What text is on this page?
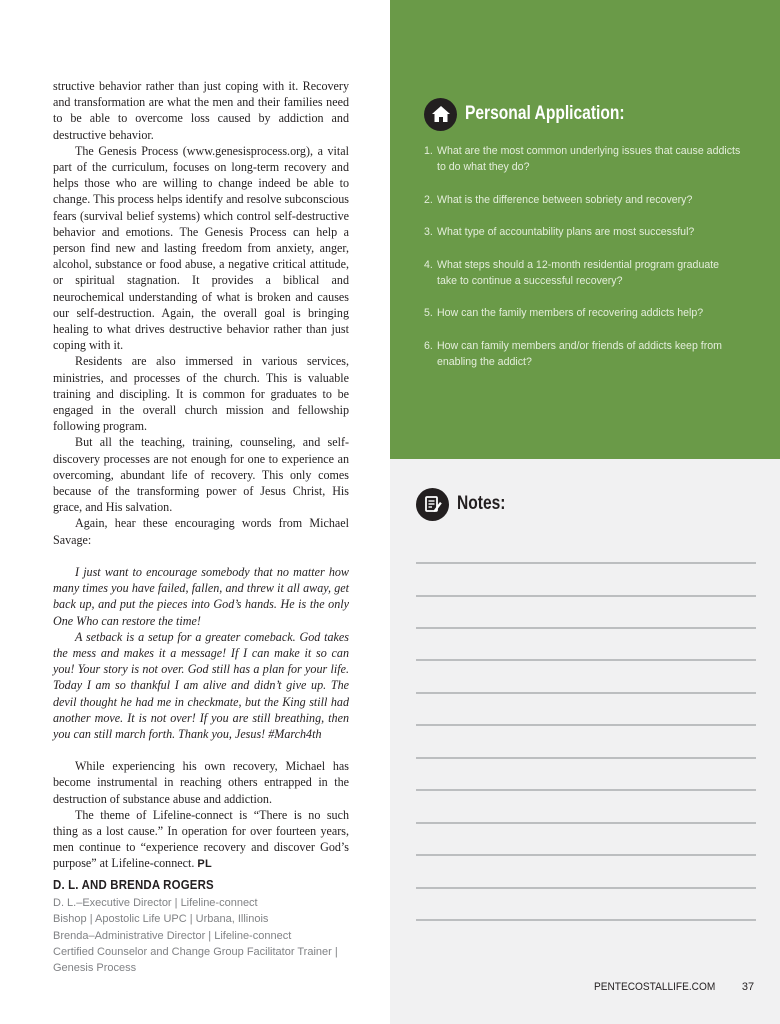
structive behavior rather than just coping with it. Recovery and transformation are what the men and their families need to be able to overcome loss caused by addiction and destructive behavior.

The Genesis Process (www.genesisprocess.org), a vital part of the curriculum, focuses on long-term recovery and helps those who are willing to change indeed be able to change. This process helps identify and resolve subconscious fears (survival belief systems) which control self-destructive behavior and emotions. The Genesis Process can help a person find new and lasting freedom from anxiety, anger, alcohol, substance or food abuse, a negative critical attitude, or spiritual stagnation. It provides a biblical and neurochemical understanding of what is broken and causes our self-destruction. Again, the overall goal is bringing healing to what drives destructive behavior rather than just coping with it.

Residents are also immersed in various services, ministries, and processes of the church. This is valuable training and discipling. It is common for graduates to be engaged in the overall church mission and fellowship following program.

But all the teaching, training, counseling, and self-discovery processes are not enough for one to experience an overcoming, abundant life of recovery. This only comes because of the transforming power of Jesus Christ, His grace, and His salvation.

Again, hear these encouraging words from Michael Savage:

I just want to encourage somebody that no matter how many times you have failed, fallen, and threw it all away, get back up, and put the pieces into God’s hands. He is the only One Who can restore the time!

A setback is a setup for a greater comeback. God takes the mess and makes it a message! If I can make it so can you! Your story is not over. God still has a plan for your life. Today I am so thankful I am alive and didn’t give up. The devil thought he had me in checkmate, but the King still had another move. It is not over! If you are still breathing, then you can still march forth. Thank you, Jesus! #March4th

While experiencing his own recovery, Michael has become instrumental in reaching others entrapped in the destruction of substance abuse and addiction.

The theme of Lifeline-connect is “There is no such thing as a lost cause.” In operation for over fourteen years, men continue to “experience recovery and discover God’s purpose” at Lifeline-connect. PL

D. L. AND BRENDA ROGERS
D. L.–Executive Director | Lifeline-connect
Bishop | Apostolic Life UPC | Urbana, Illinois
Brenda–Administrative Director | Lifeline-connect
Certified Counselor and Change Group Facilitator Trainer |
Genesis Process
Personal Application:
1. What are the most common underlying issues that cause addicts to do what they do?
2. What is the difference between sobriety and recovery?
3. What type of accountability plans are most successful?
4. What steps should a 12-month residential program graduate take to continue a successful recovery?
5. How can the family members of recovering addicts help?
6. How can family members and/or friends of addicts keep from enabling the addict?
Notes:
PENTECOSTALLIFE.COM 37
